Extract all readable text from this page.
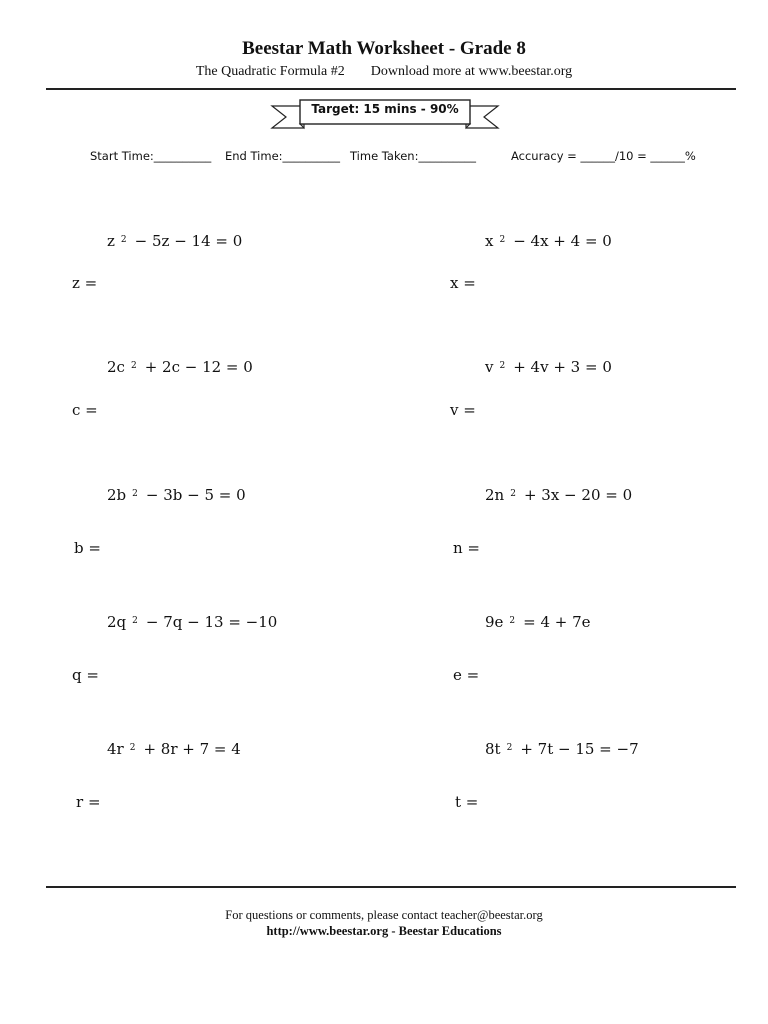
Beestar Math Worksheet - Grade 8
The Quadratic Formula #2 Download more at www.beestar.org
Target: 15 mins - 90%
Start Time:__________ End Time:__________ Time Taken:__________	Accuracy = ______/10 = ______%
z $^2$ − 5z − 14 = 0	x $^2$ − 4x + 4 = 0
z =	x =
2c $^2$ + 2c − 12 = 0	v $^2$ + 4v + 3 = 0
c =	v =
2b $^2$ − 3b − 5 = 0	2n $^2$ + 3x − 20 = 0
b =	n =
2q $^2$ − 7q − 13 = −10	9e $^2$ = 4 + 7e
q =	e =
4r $^2$ + 8r + 7 = 4	8t $^2$ + 7t − 15 = −7
r =	t =
For questions or comments, please contact teacher@beestar.org
http://www.beestar.org - Beestar Educations
